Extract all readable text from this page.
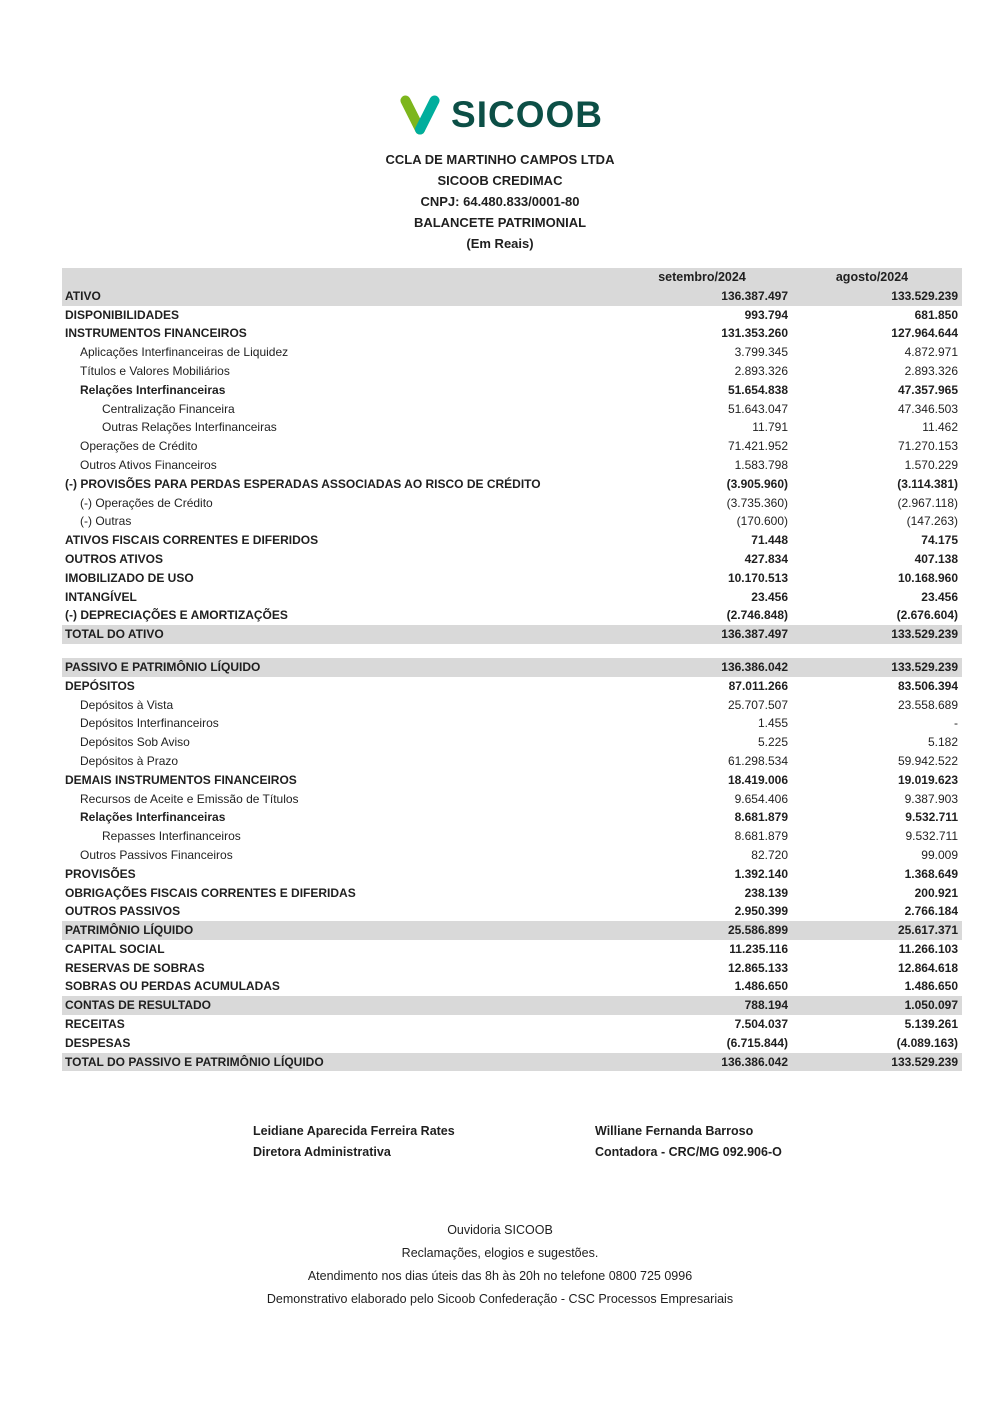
SICOOB
CCLA DE MARTINHO CAMPOS LTDA
SICOOB CREDIMAC
CNPJ: 64.480.833/0001-80
BALANCETE PATRIMONIAL
(Em Reais)
setembro/2024	agosto/2024
ATIVO	136.387.497	133.529.239
DISPONIBILIDADES	993.794	681.850
INSTRUMENTOS FINANCEIROS	131.353.260	127.964.644
Aplicações Interfinanceiras de Liquidez	3.799.345	4.872.971
Títulos e Valores Mobiliários	2.893.326	2.893.326
Relações Interfinanceiras	51.654.838	47.357.965
Centralização Financeira	51.643.047	47.346.503
Outras Relações Interfinanceiras	11.791	11.462
Operações de Crédito	71.421.952	71.270.153
Outros Ativos Financeiros	1.583.798	1.570.229
(-) PROVISÕES PARA PERDAS ESPERADAS ASSOCIADAS AO RISCO DE CRÉDITO	(3.905.960)	(3.114.381)
(-) Operações de Crédito	(3.735.360)	(2.967.118)
(-) Outras	(170.600)	(147.263)
ATIVOS FISCAIS CORRENTES E DIFERIDOS	71.448	74.175
OUTROS ATIVOS	427.834	407.138
IMOBILIZADO DE USO	10.170.513	10.168.960
INTANGÍVEL	23.456	23.456
(-) DEPRECIAÇÕES E AMORTIZAÇÕES	(2.746.848)	(2.676.604)
TOTAL DO ATIVO	136.387.497	133.529.239
PASSIVO E PATRIMÔNIO LÍQUIDO	136.386.042	133.529.239
DEPÓSITOS	87.011.266	83.506.394
Depósitos à Vista	25.707.507	23.558.689
Depósitos Interfinanceiros	1.455	-
Depósitos Sob Aviso	5.225	5.182
Depósitos à Prazo	61.298.534	59.942.522
DEMAIS INSTRUMENTOS FINANCEIROS	18.419.006	19.019.623
Recursos de Aceite e Emissão de Títulos	9.654.406	9.387.903
Relações Interfinanceiras	8.681.879	9.532.711
Repasses Interfinanceiros	8.681.879	9.532.711
Outros Passivos Financeiros	82.720	99.009
PROVISÕES	1.392.140	1.368.649
OBRIGAÇÕES FISCAIS CORRENTES E DIFERIDAS	238.139	200.921
OUTROS PASSIVOS	2.950.399	2.766.184
PATRIMÔNIO LÍQUIDO	25.586.899	25.617.371
CAPITAL SOCIAL	11.235.116	11.266.103
RESERVAS DE SOBRAS	12.865.133	12.864.618
SOBRAS OU PERDAS ACUMULADAS	1.486.650	1.486.650
CONTAS DE RESULTADO	788.194	1.050.097
RECEITAS	7.504.037	5.139.261
DESPESAS	(6.715.844)	(4.089.163)
TOTAL DO PASSIVO E PATRIMÔNIO LÍQUIDO	136.386.042	133.529.239
Leidiane Aparecida Ferreira Rates
Diretora Administrativa
Williane Fernanda Barroso
Contadora - CRC/MG 092.906-O
Ouvidoria SICOOB
Reclamações, elogios e sugestões.
Atendimento nos dias úteis das 8h às 20h no telefone 0800 725 0996
Demonstrativo elaborado pelo Sicoob Confederação - CSC Processos Empresariais
